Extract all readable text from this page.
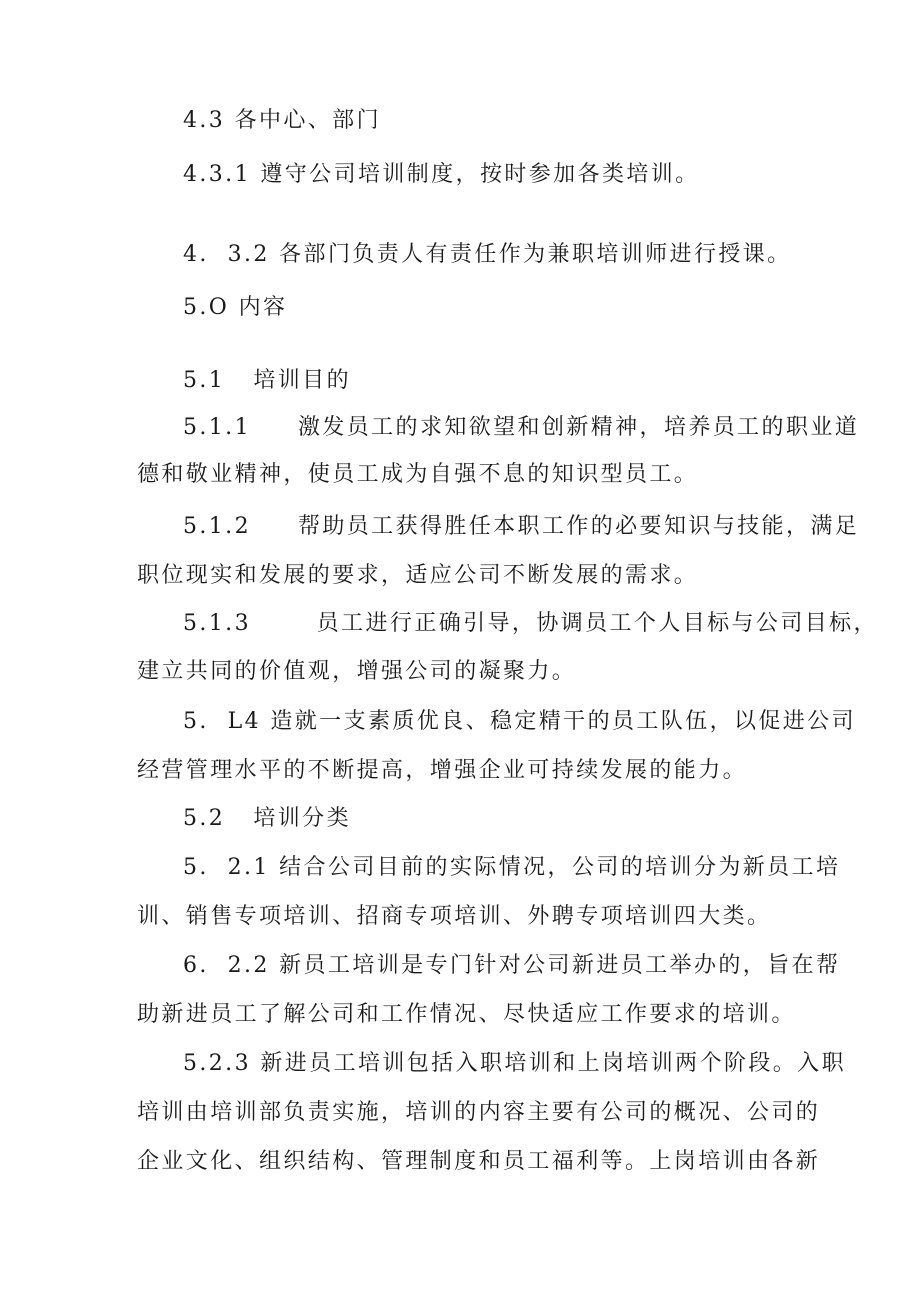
4.3 各中心、部门
4.3.1 遵守公司培训制度，按时参加各类培训。
4.  3.2 各部门负责人有责任作为兼职培训师进行授课。
5.O 内容
5.1   培训目的
5.1.1     激发员工的求知欲望和创新精神，培养员工的职业道
德和敬业精神，使员工成为自强不息的知识型员工。
5.1.2     帮助员工获得胜任本职工作的必要知识与技能，满足
职位现实和发展的要求，适应公司不断发展的需求。
5.1.3       员工进行正确引导，协调员工个人目标与公司目标，
建立共同的价值观，增强公司的凝聚力。
5.  L4 造就一支素质优良、稳定精干的员工队伍，以促进公司
经营管理水平的不断提高，增强企业可持续发展的能力。
5.2   培训分类
5.  2.1 结合公司目前的实际情况，公司的培训分为新员工培
训、销售专项培训、招商专项培训、外聘专项培训四大类。
6.  2.2 新员工培训是专门针对公司新进员工举办的，旨在帮
助新进员工了解公司和工作情况、尽快适应工作要求的培训。
5.2.3 新进员工培训包括入职培训和上岗培训两个阶段。入职
培训由培训部负责实施，培训的内容主要有公司的概况、公司的
企业文化、组织结构、管理制度和员工福利等。上岗培训由各新
